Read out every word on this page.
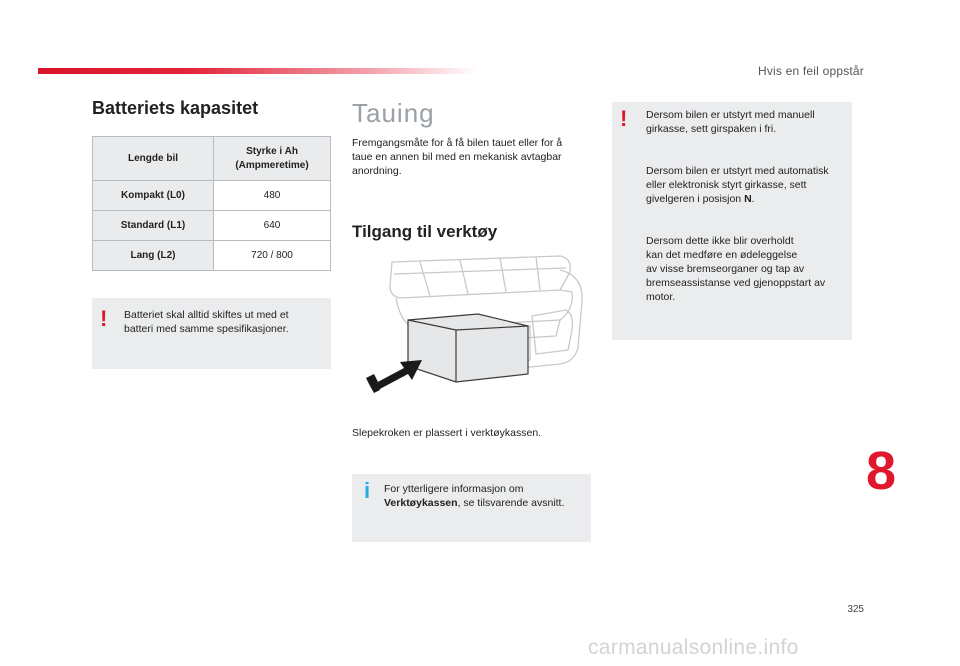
Hvis en feil oppstår
Batteriets kapasitet
Lengde bil	Styrke i Ah
(Ampmeretime)
Kompakt (L0)	480
Standard (L1)	640
Lang (L2)	720 / 800
! Batteriet skal alltid skiftes ut med et

batteri med samme spesifikasjoner.

Tauing
Fremgangsmåte for å få bilen tauet eller for å
taue en annen bil med en mekanisk avtagbar
anordning.
Tilgang til verktøy
Slepekroken er plassert i verktøykassen.
i For ytterligere informasjon om

Verktøykassen, se tilsvarende avsnitt.

! Dersom bilen er utstyrt med manuell

girkasse, sett girspaken i fri.

Dersom bilen er utstyrt med automatisk

eller elektronisk styrt girkasse, sett

givelgeren i posisjon N.

Dersom dette ikke blir overholdt

kan det medføre en ødeleggelse

av visse bremseorganer og tap av

bremseassistanse ved gjenoppstart av

motor.

8
325
carmanualsonline.info
